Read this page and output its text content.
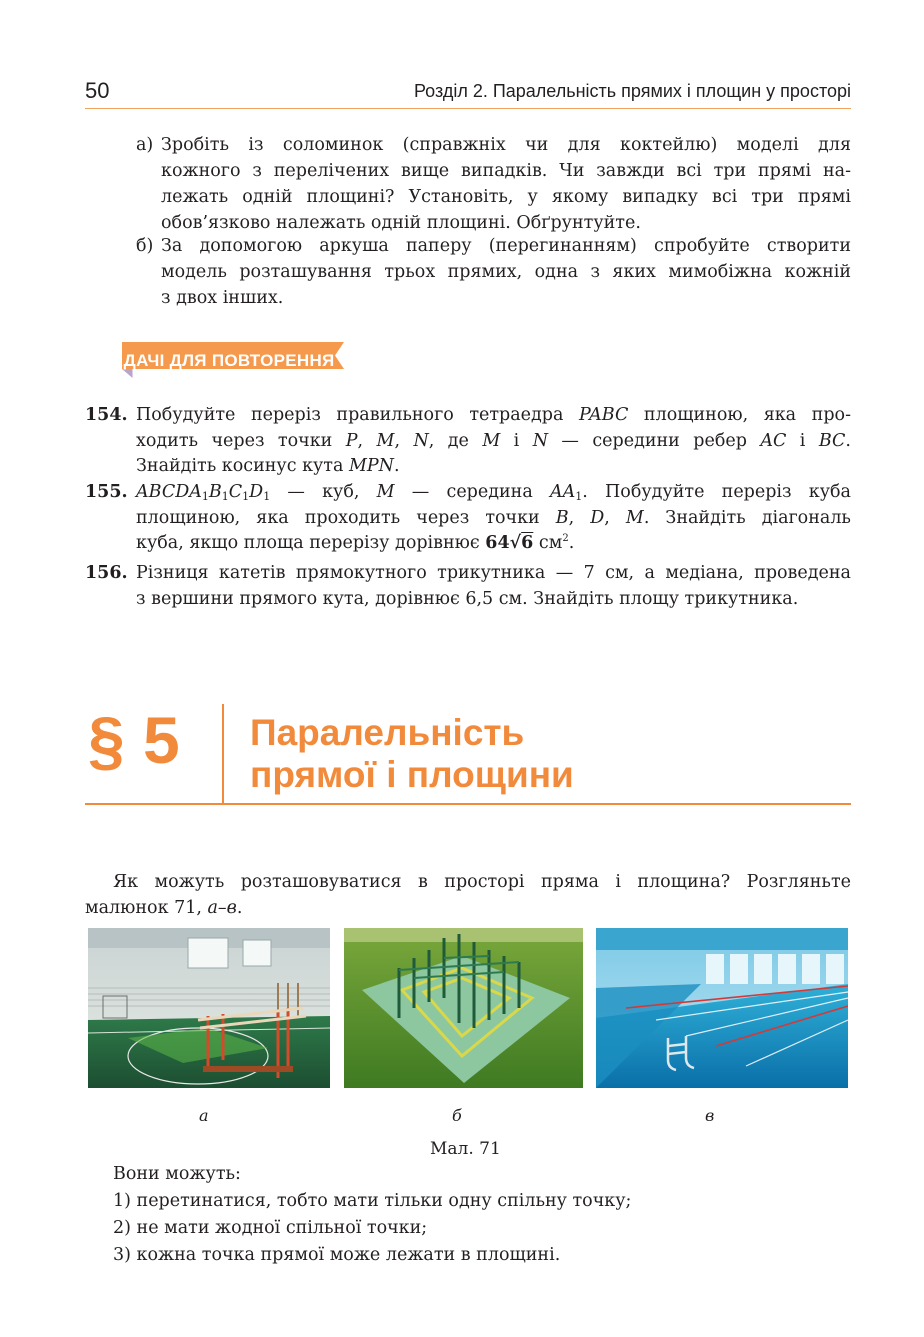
50	Розділ 2. Паралельність прямих і площин у просторі
а) Зробіть із соломинок (справжніх чи для коктейлю) моделі для
кожного з перелічених вище випадків. Чи завжди всі три прямі на-
лежать одній площині? Установіть, у якому випадку всі три прямі
обов’язково належать одній площині. Обґрунтуйте.
б) За допомогою аркуша паперу (перегинанням) спробуйте створити
модель розташування трьох прямих, одна з яких мимобіжна кожній
з двох інших.
ЗАДАЧІ ДЛЯ ПОВТОРЕННЯ
154. Побудуйте переріз правильного тетраедра PABC площиною, яка про-
ходить через точки P, M, N, де M і N — середини ребер AC і BC.
Знайдіть косинус кута MPN.
155. $ABCDA_1B_1C_1D_1$ — куб, M — середина $AA_1$. Побудуйте переріз куба
площиною, яка проходить через точки B, D, M. Знайдіть діагональ
куба, якщо площа перерізу дорівнює 64√6 $см^2$.
156. Різниця катетів прямокутного трикутника — 7 см, а медіана, проведена
з вершини прямого кута, дорівнює 6,5 см. Знайдіть площу трикутника.
§ 5 Паралельність
прямої і площини
Як можуть розташовуватися в просторі пряма і площина? Розгляньте
малюнок 71, а–в.
а	б	в
Мал. 71
Вони можуть:
1) перетинатися, тобто мати тільки одну спільну точку;
2) не мати жодної спільної точки;
3) кожна точка прямої може лежати в площині.
